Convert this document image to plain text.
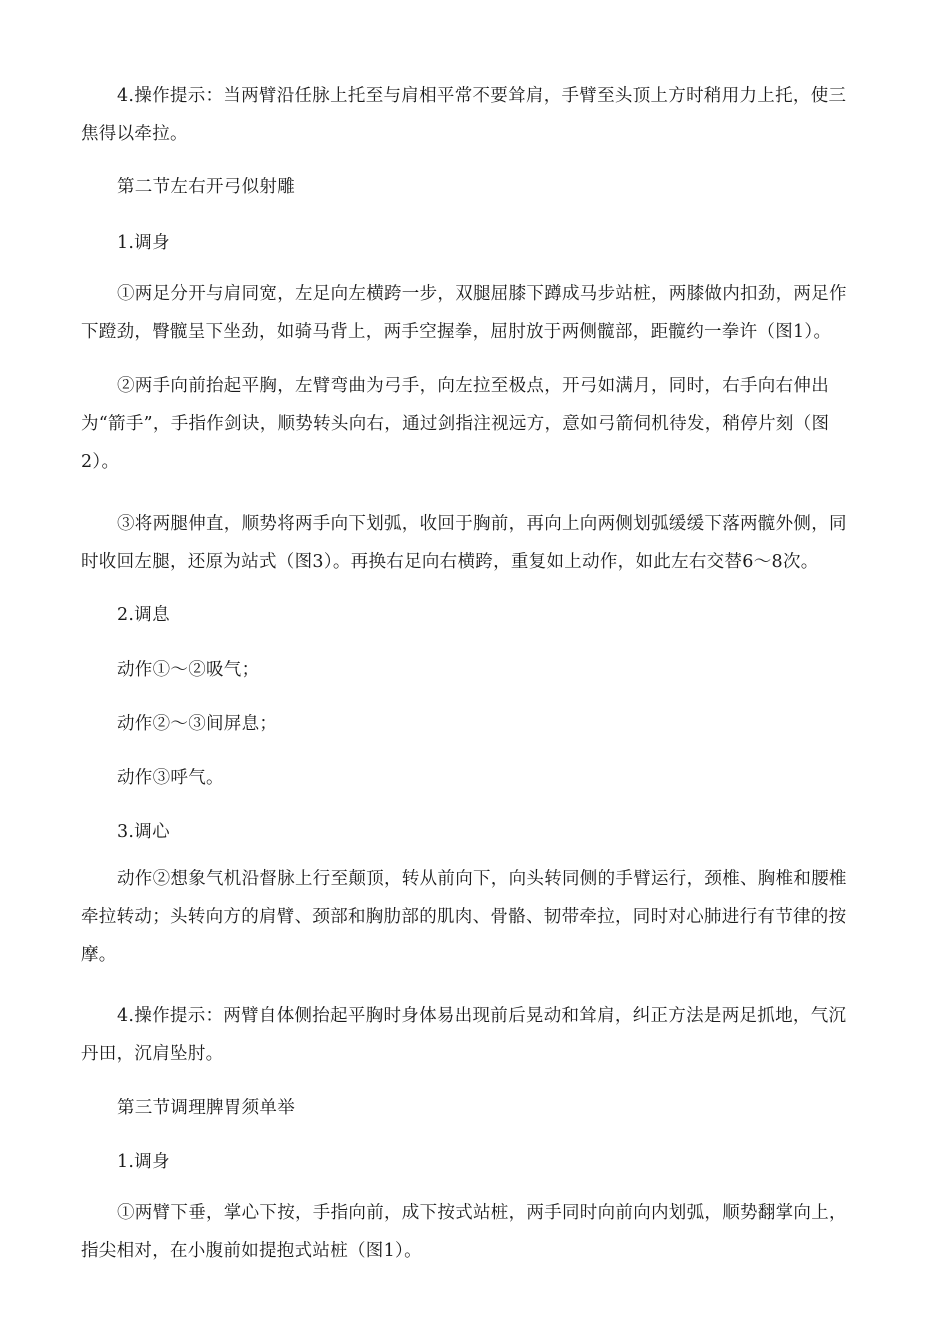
4.操作提示：当两臂沿任脉上托至与肩相平常不要耸肩，手臂至头顶上方时稍用力上托，使三焦得以牵拉。

第二节左右开弓似射雕

1.调身

①两足分开与肩同宽，左足向左横跨一步，双腿屈膝下蹲成马步站桩，两膝做内扣劲，两足作下蹬劲，臀髋呈下坐劲，如骑马背上，两手空握拳，屈肘放于两侧髋部，距髋约一拳许（图1）。

②两手向前抬起平胸，左臂弯曲为弓手，向左拉至极点，开弓如满月，同时，右手向右伸出为“箭手”，手指作剑诀，顺势转头向右，通过剑指注视远方，意如弓箭伺机待发，稍停片刻（图2）。

③将两腿伸直，顺势将两手向下划弧，收回于胸前，再向上向两侧划弧缓缓下落两髋外侧，同时收回左腿，还原为站式（图3）。再换右足向右横跨，重复如上动作，如此左右交替6～8次。

2.调息

动作①～②吸气；

动作②～③间屏息；

动作③呼气。

3.调心

动作②想象气机沿督脉上行至颠顶，转从前向下，向头转同侧的手臂运行，颈椎、胸椎和腰椎牵拉转动；头转向方的肩臂、颈部和胸肋部的肌肉、骨骼、韧带牵拉，同时对心肺进行有节律的按摩。

4.操作提示：两臂自体侧抬起平胸时身体易出现前后晃动和耸肩，纠正方法是两足抓地，气沉丹田，沉肩坠肘。

第三节调理脾胃须单举

1.调身

①两臂下垂，掌心下按，手指向前，成下按式站桩，两手同时向前向内划弧，顺势翻掌向上，指尖相对，在小腹前如提抱式站桩（图1）。
